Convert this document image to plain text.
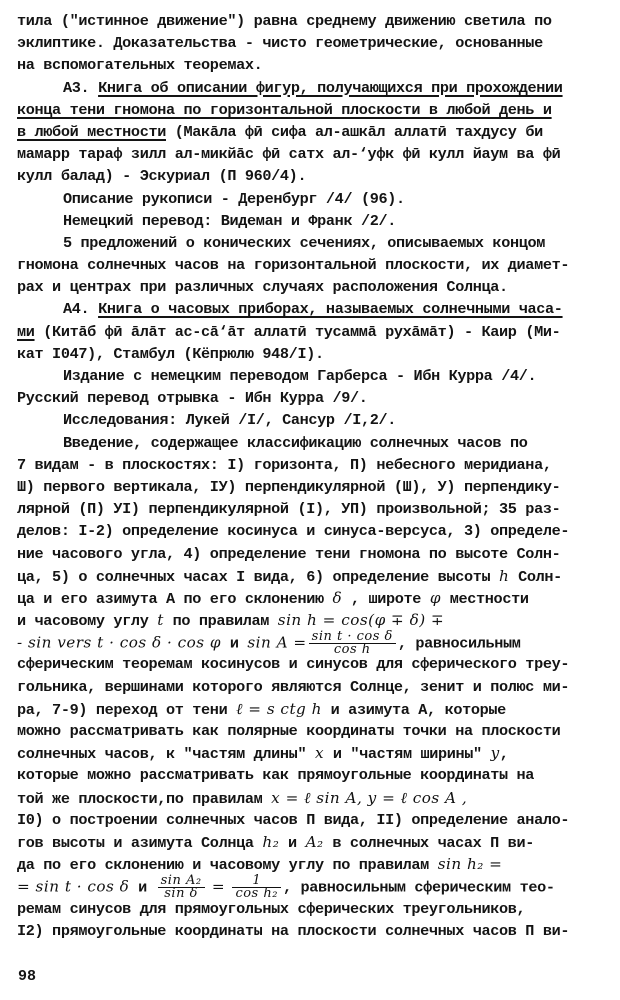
тила ("истинное движение") равна среднему движению светила по
эклиптике. Доказательства - чисто геометрические, основанные
на вспомогательных теоремах.
А3. Книга об описании фигур, получающихся при прохождении
конца тени гномона по горизонтальной плоскости в любой день и
в любой местности (Макāла фӣ сифа ал-ашкāл аллатӣ тахдусу би
мамарр тараф зилл ал-микйāс фӣ сатх ал-‘уфк фӣ кулл йаум ва фӣ
кулл балад) - Эскуриал (П 960/4).
Описание рукописи - Деренбург /4/ (96).
Немецкий перевод: Видеман и Франк /2/.
5 предложений о конических сечениях, описываемых концом
гномона солнечных часов на горизонтальной плоскости, их диамет-
рах и центрах при различных случаях расположения Солнца.
А4. Книга о часовых приборах, называемых солнечными часа-
ми (Китāб фӣ āлāт ас-сā‘āт аллатӣ тусаммā рухāмāт) - Каир (Ми-
кат I047), Стамбул (Кёпрюлю 948/I).
Издание с немецким переводом Гарберса - Ибн Курра /4/.
Русский перевод отрывка - Ибн Курра /9/.
Исследования: Лукей /I/, Сансур /I,2/.
Введение, содержащее классификацию солнечных часов по
7 видам - в плоскостях: I) горизонта, П) небесного меридиана,
Ш) первого вертикала, IУ) перпендикулярной (Ш), У) перпендику-
лярной (П) УI) перпендикулярной (I), УП) произвольной; 35 раз-
делов: I-2) определение косинуса и синуса-версуса, 3) определе-
ние часового угла, 4) определение тени гномона по высоте Солн-
ца, 5) о солнечных часах I вида, 6) определение высоты h Солн-
ца и его азимута А по его склонению δ , широте φ местности
и часовому углу t по правилам sin h = cos(φ ∓ δ) ∓
- sin vers t · cos δ · cos φ и $\sin A = \frac{\text{sin t · cos δ}}{\text{cos h}}$ , равносильным
сферическим теоремам косинусов и синусов для сферического треу-
гольника, вершинами которого являются Солнце, зенит и полюс ми-
ра, 7-9) переход от тени ℓ = s ctg h и азимута А, которые
можно рассматривать как полярные координаты точки на плоскости
солнечных часов, к "частям длины" x и "частям ширины" y,
которые можно рассматривать как прямоугольные координаты на
той же плоскости,по правилам x = ℓ sin A, y = ℓ cos A ,
I0) о построении солнечных часов П вида, II) определение анало-
гов высоты и азимута Солнца h₂ и A₂ в солнечных часах П ви-
да по его склонению и часовому углу по правилам sin h₂ =
= sin t · cos δ и $\frac{\text{sin A₂}}{\text{sin δ}} = \frac{1}{\text{cos h₂}}$ , равносильным сферическим тео-
ремам синусов для прямоугольных сферических треугольников,
I2) прямоугольные координаты на плоскости солнечных часов П ви-
98
